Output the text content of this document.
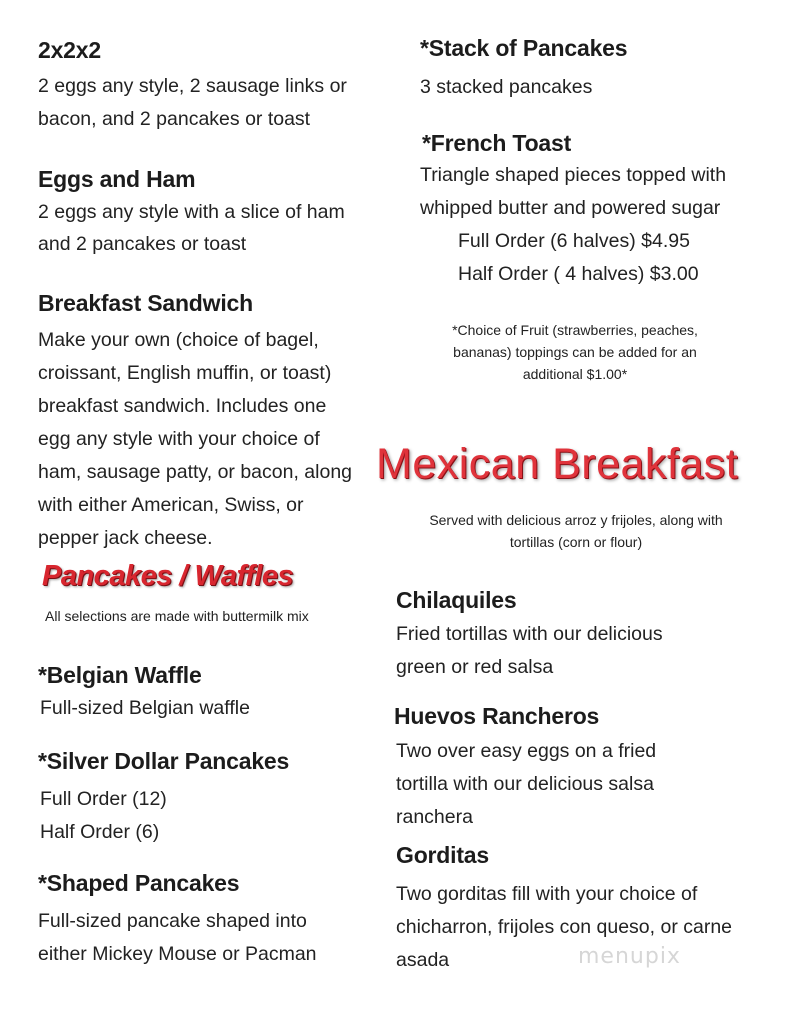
2x2x2
2 eggs any style, 2 sausage links or
bacon, and 2 pancakes or toast
Eggs and Ham
2 eggs any style with a slice of ham
and 2 pancakes or toast
Breakfast Sandwich
Make your own (choice of bagel,
croissant, English muffin, or toast)
breakfast sandwich. Includes one
egg any style with your choice of
ham, sausage patty, or bacon, along
with either American, Swiss, or
pepper jack cheese.
Pancakes / Waffles
All selections are made with buttermilk mix
*Belgian Waffle
Full-sized Belgian waffle
*Silver Dollar Pancakes
Full Order (12)
Half Order (6)
*Shaped Pancakes
Full-sized pancake shaped into
either Mickey Mouse or Pacman
*Stack of Pancakes
3 stacked pancakes
*French Toast
Triangle shaped pieces topped with
whipped butter and powered sugar
Full Order (6 halves) $4.95
Half Order ( 4 halves) $3.00
*Choice of Fruit (strawberries, peaches,
bananas) toppings can be added for an
additional $1.00*
Mexican Breakfast
Served with delicious arroz y frijoles, along with
tortillas (corn or flour)
Chilaquiles
Fried tortillas with our delicious
green or red salsa
Huevos Rancheros
Two over easy eggs on a fried
tortilla with our delicious salsa
ranchera
Gorditas
Two gorditas fill with your choice of
chicharron, frijoles con queso, or carne
asada	menupix
